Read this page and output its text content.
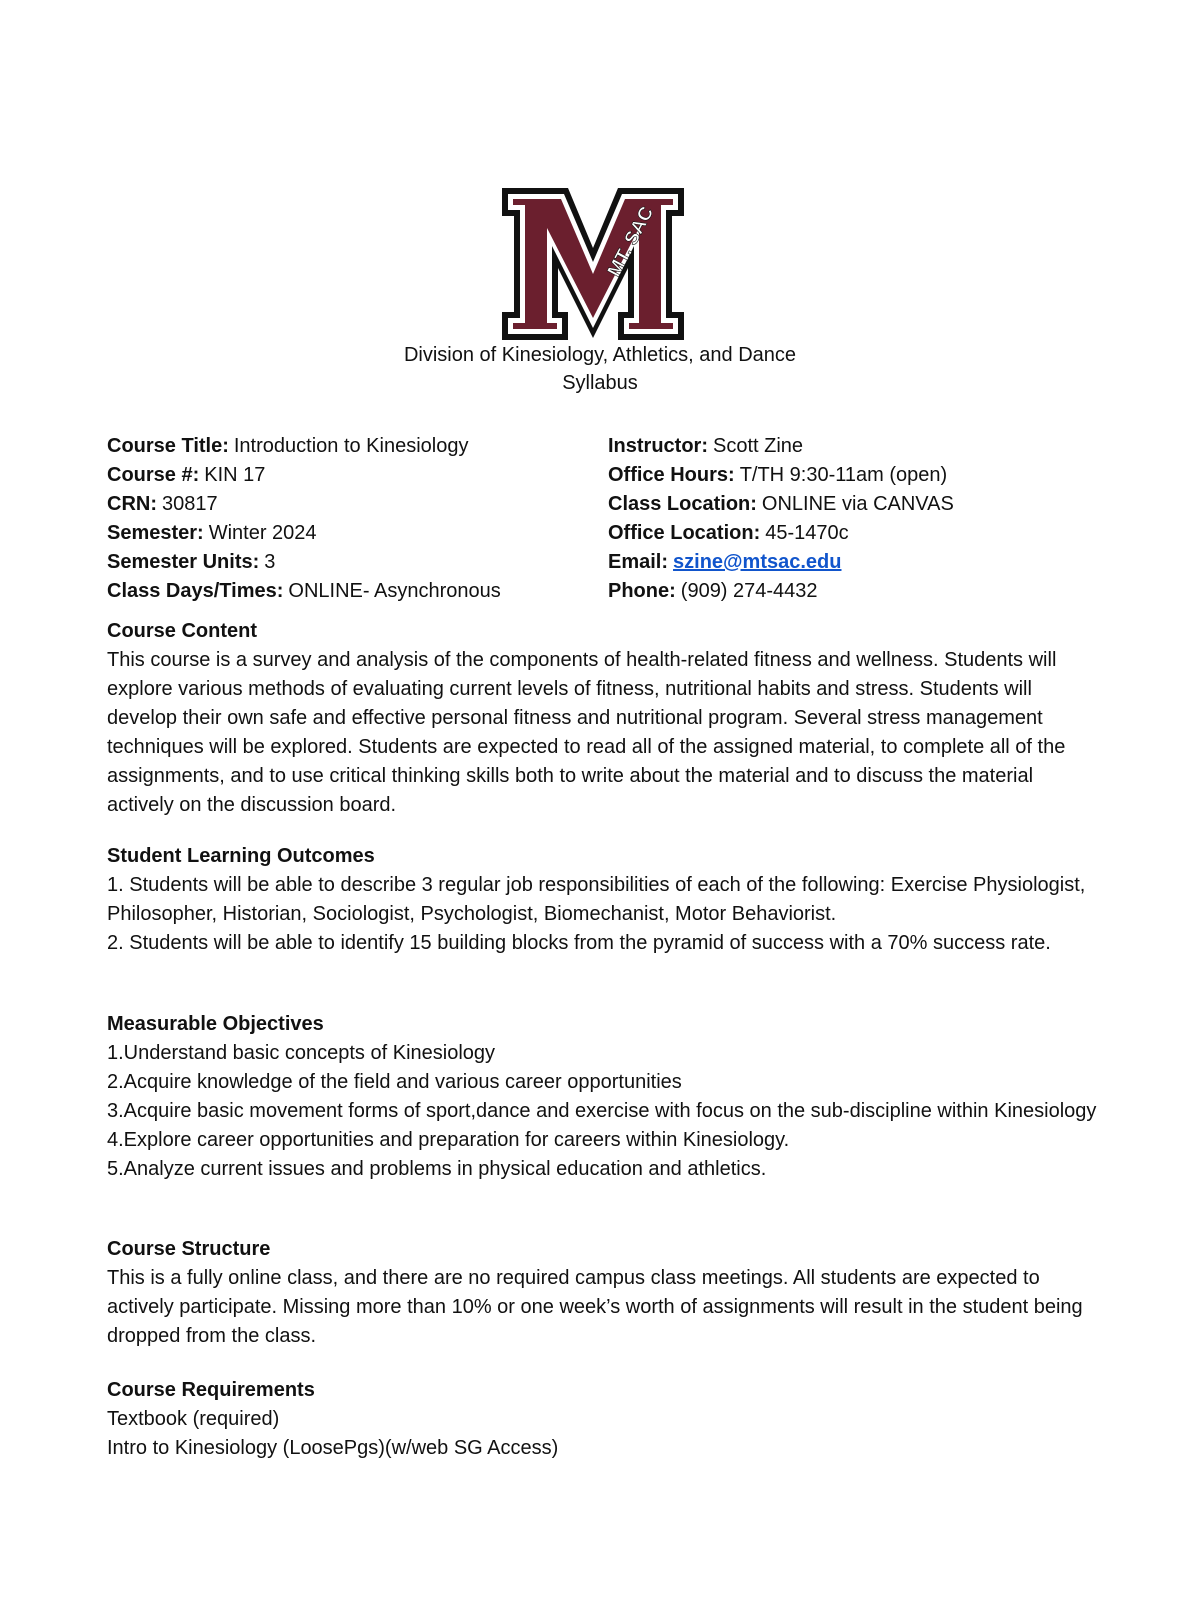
MT. SAC
Division of Kinesiology, Athletics, and Dance
Syllabus
Course Title: Introduction to Kinesiology
Course #: KIN 17
CRN: 30817
Semester: Winter 2024
Semester Units: 3
Class Days/Times: ONLINE- Asynchronous
Instructor: Scott Zine
Office Hours: T/TH 9:30-11am (open)
Class Location: ONLINE via CANVAS
Office Location: 45-1470c
Email: szine@mtsac.edu
Phone: (909) 274-4432
Course Content

This course is a survey and analysis of the components of health-related fitness and wellness. Students will explore various methods of evaluating current levels of fitness, nutritional habits and stress. Students will develop their own safe and effective personal fitness and nutritional program. Several stress management techniques will be explored. Students are expected to read all of the assigned material, to complete all of the assignments, and to use critical thinking skills both to write about the material and to discuss the material actively on the discussion board.

Student Learning Outcomes

1. Students will be able to describe 3 regular job responsibilities of each of the following: Exercise Physiologist, Philosopher, Historian, Sociologist, Psychologist, Biomechanist, Motor Behaviorist.

2. Students will be able to identify 15 building blocks from the pyramid of success with a 70% success rate.

Measurable Objectives

1.Understand basic concepts of Kinesiology

2.Acquire knowledge of the field and various career opportunities

3.Acquire basic movement forms of sport,dance and exercise with focus on the sub-discipline within Kinesiology

4.Explore career opportunities and preparation for careers within Kinesiology.

5.Analyze current issues and problems in physical education and athletics.

Course Structure

This is a fully online class, and there are no required campus class meetings. All students are expected to actively participate. Missing more than 10% or one week’s worth of assignments will result in the student being dropped from the class.

Course Requirements

Textbook (required)

Intro to Kinesiology (LoosePgs)(w/web SG Access)
